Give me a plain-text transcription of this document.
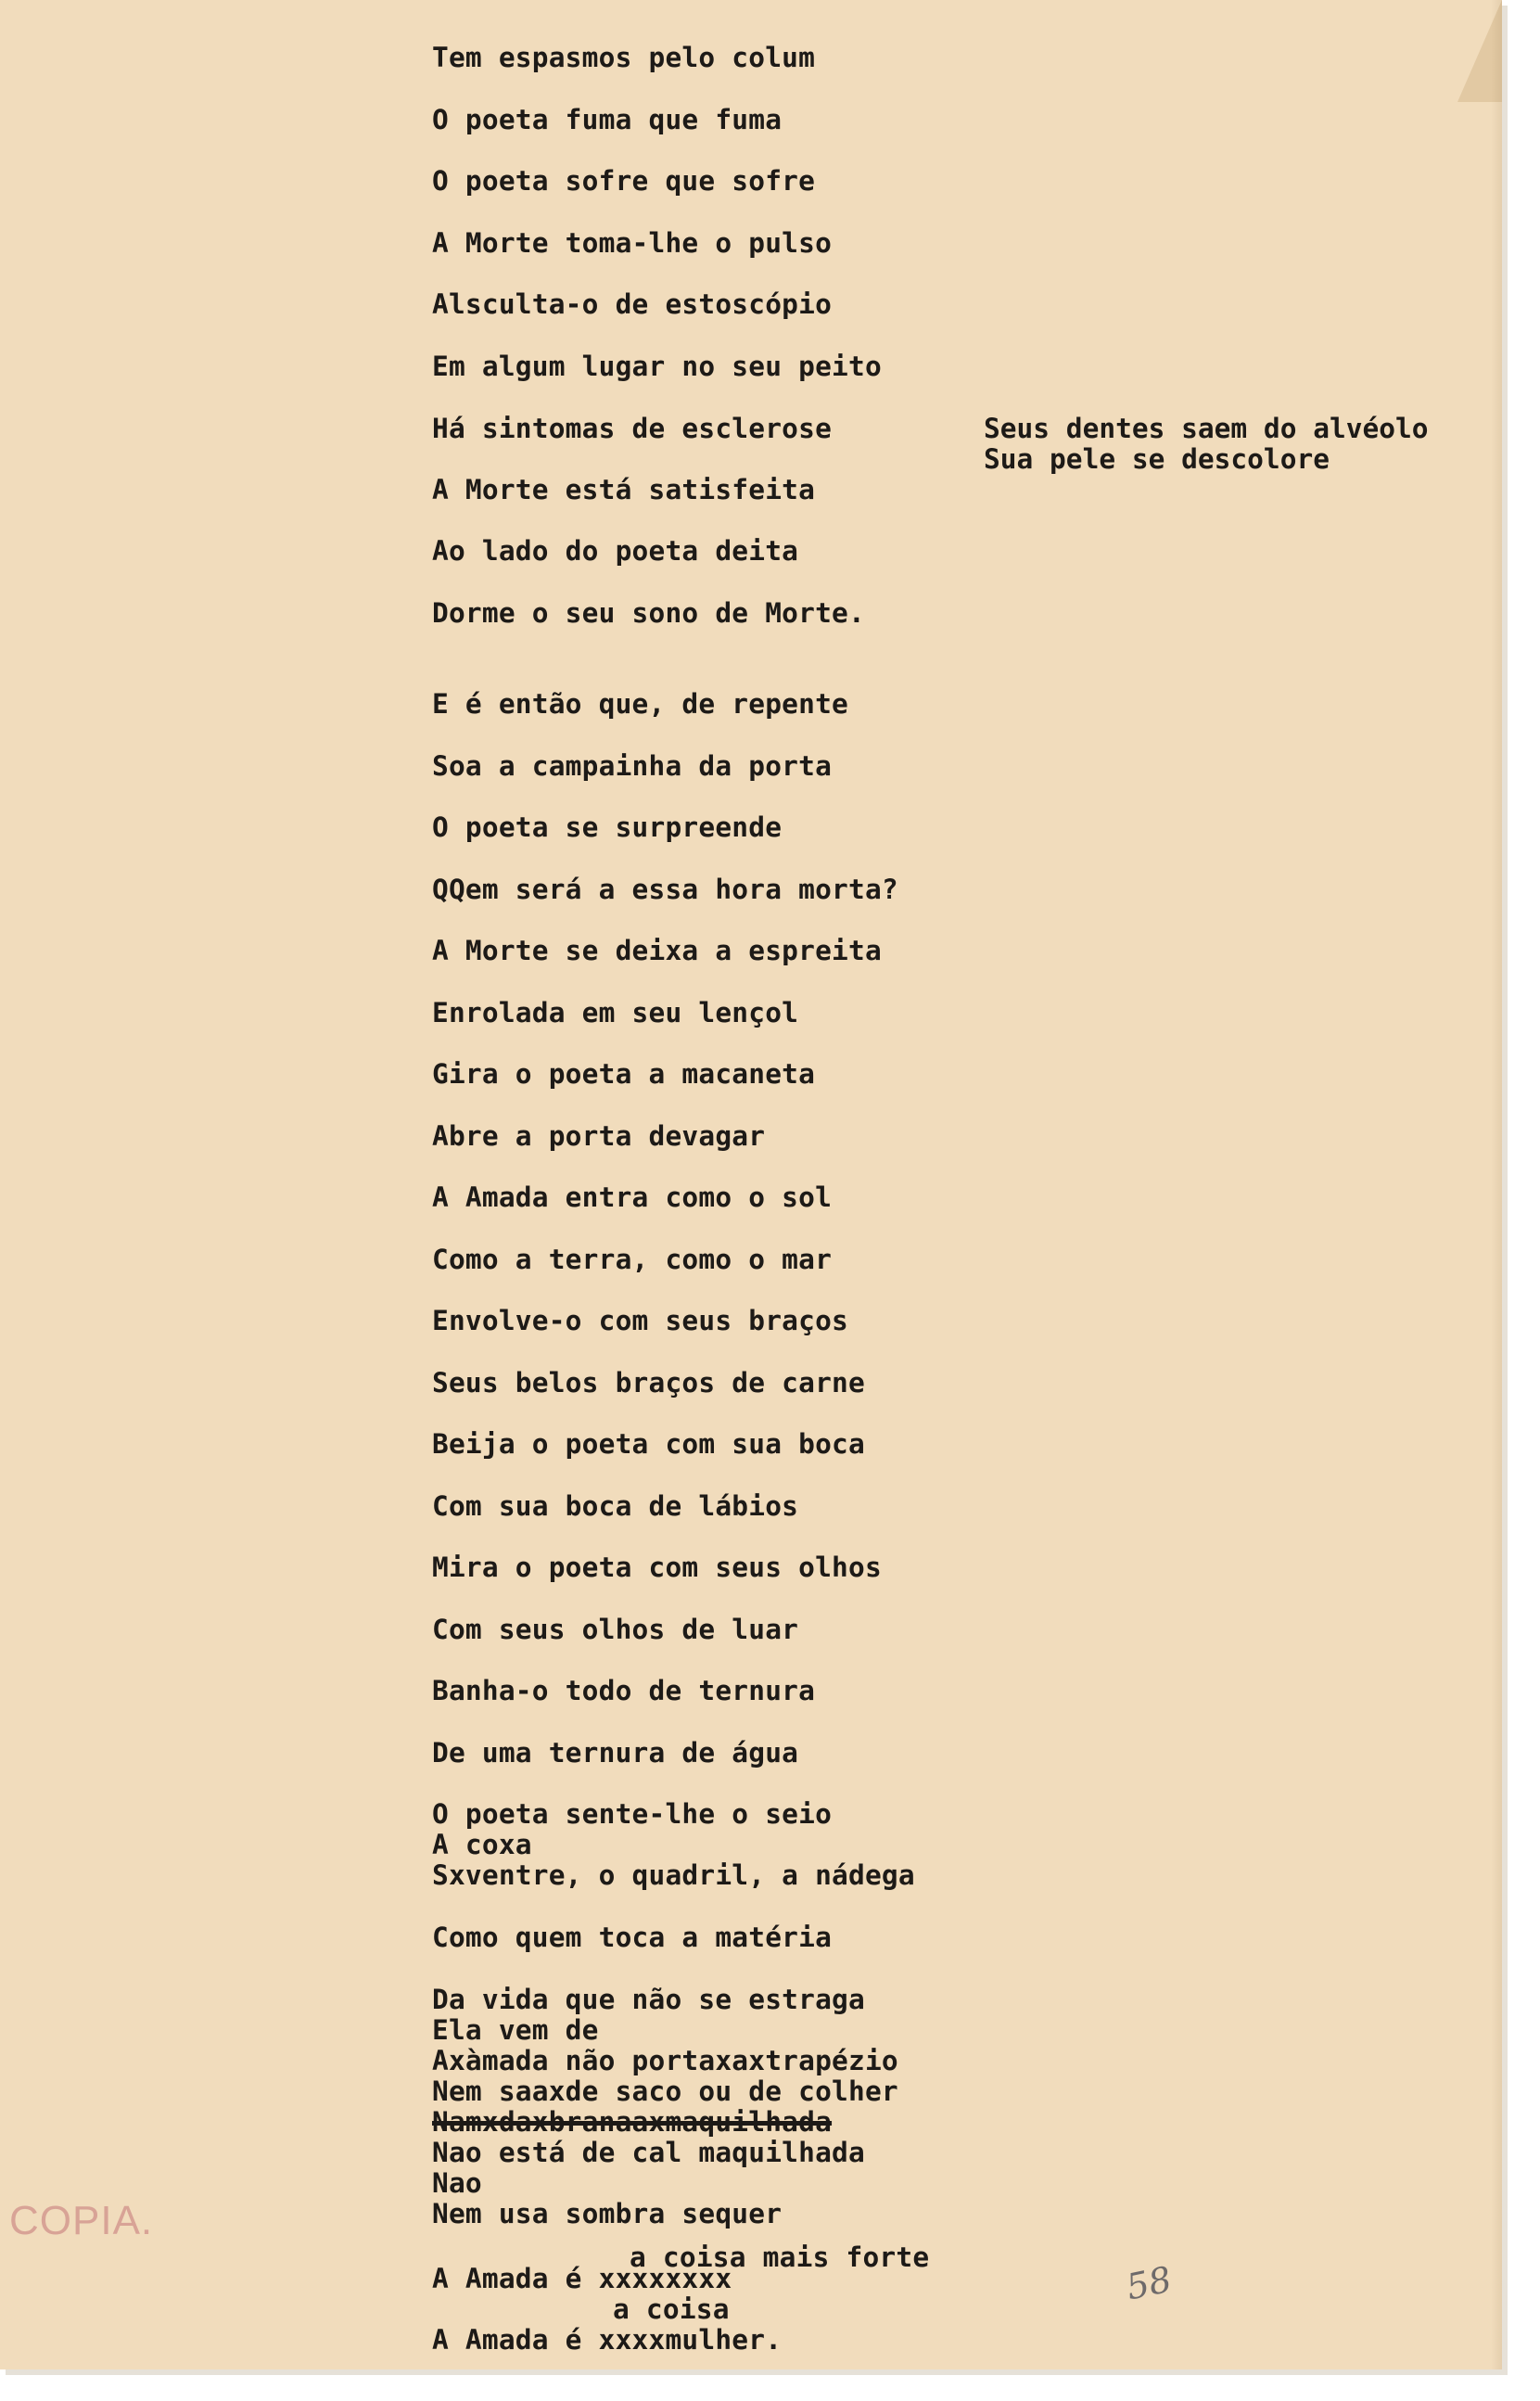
Tem espasmos pelo colum
O poeta fuma que fuma
O poeta sofre que sofre
A Morte toma-lhe o pulso
Alsculta-o de estoscópio
Em algum lugar no seu peito
Há sintomas de esclerose
A Morte está satisfeita
Ao lado do poeta deita
Dorme o seu sono de Morte.
E é então que, de repente
Soa a campainha da porta
O poeta se surpreende
QQem será a essa hora morta?
A Morte se deixa a espreita
Enrolada em seu lençol
Gira o poeta a macaneta
Abre a porta devagar
A Amada entra como o sol
Como a terra, como o mar
Envolve-o com seus braços
Seus belos braços de carne
Beija o poeta com sua boca
Com sua boca de lábios
Mira o poeta com seus olhos
Com seus olhos de luar
Banha-o todo de ternura
De uma ternura de água
O poeta sente-lhe o seio
A coxa
Sxventre, o quadril, a nádega
Como quem toca a matéria
Da vida que não se estraga
Ela vem de
Axàmada não portaxaxtrapézio
Nem saaxde saco ou de colher
Namxdaxbranaaxmaquilhada
Nao está de cal maquilhada
Nao
Nem usa sombra sequer
a coisa mais forte
A Amada é xxxxxxxx
a coisa
A Amada é xxxxmulher.
Seus dentes saem do alvéolo
Sua pele se descolore
COPIA.
58
